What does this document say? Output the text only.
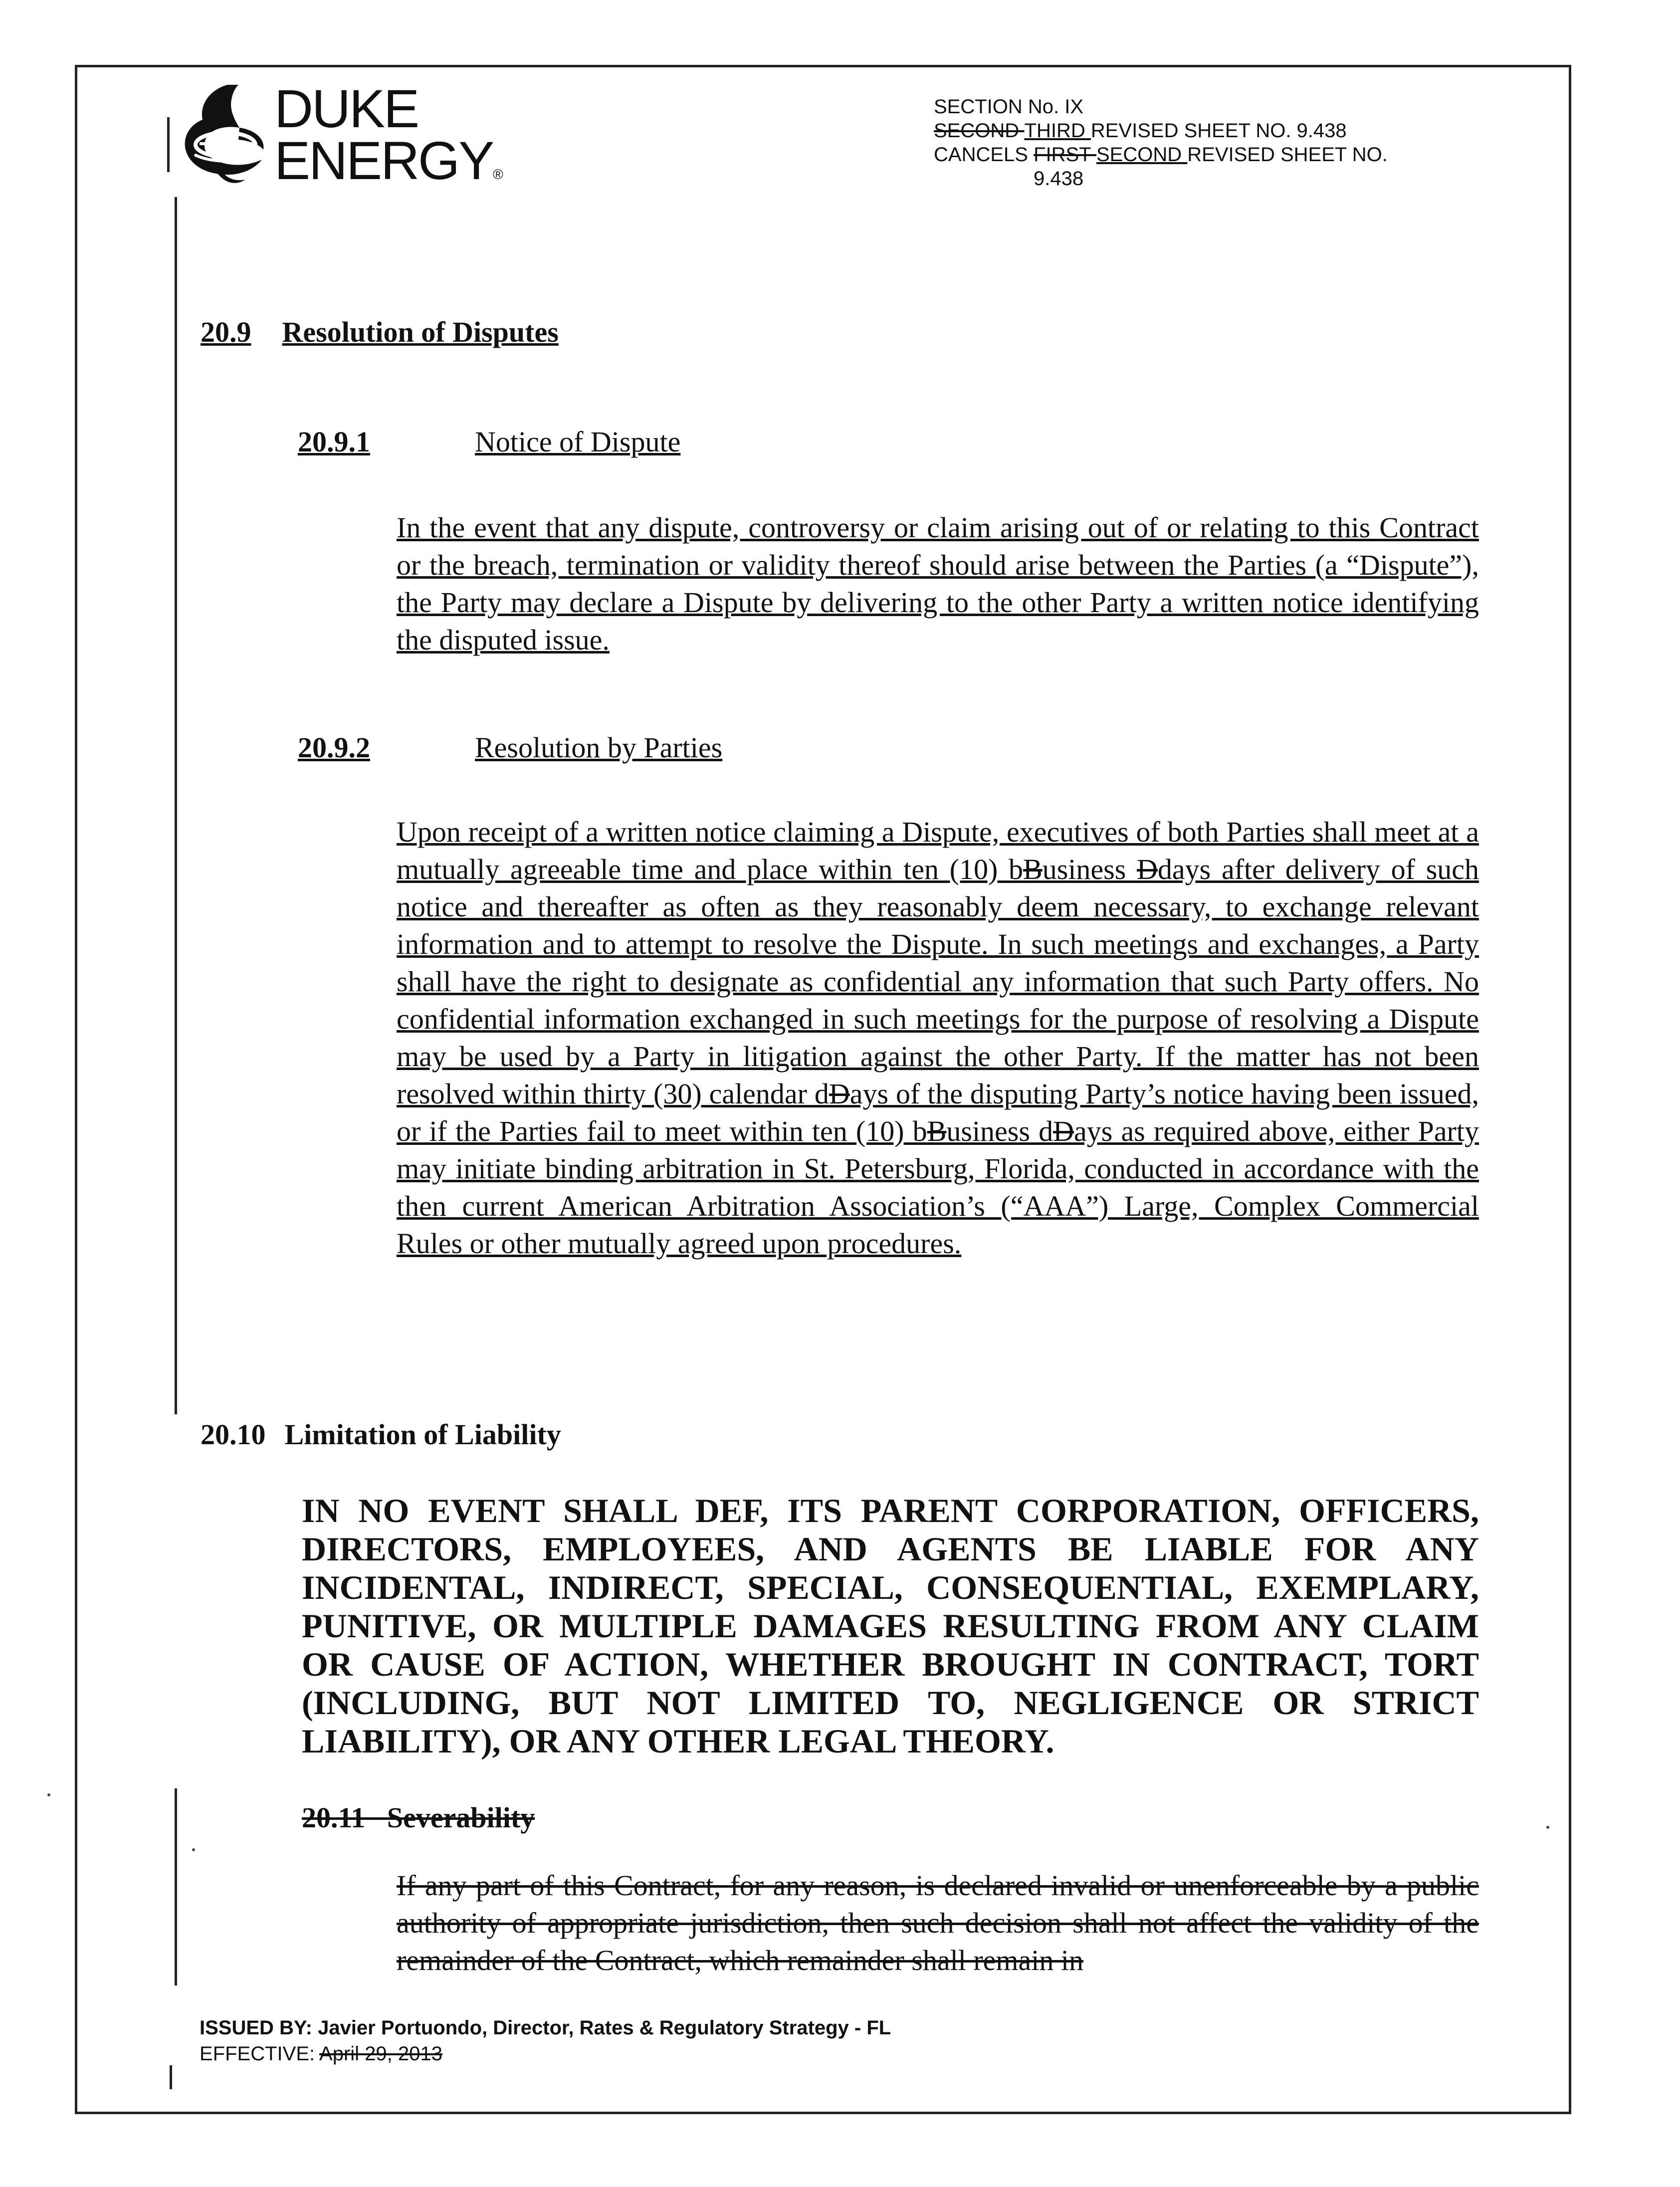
DUKE
ENERGY®
SECTION No. IX
SECOND THIRD REVISED SHEET NO. 9.438
CANCELS FIRST SECOND REVISED SHEET NO.
9.438
20.9 Resolution of Disputes
20.9.1	Notice of Dispute
In the event that any dispute, controversy or claim arising out of or relating to this Contract or the breach, termination or validity thereof should arise between the Parties (a “Dispute”), the Party may declare a Dispute by delivering to the other Party a written notice identifying the disputed issue.
20.9.2	Resolution by Parties
Upon receipt of a written notice claiming a Dispute, executives of both Parties shall meet at a mutually agreeable time and place within ten (10) bBusiness Ddays after delivery of such notice and thereafter as often as they reasonably deem necessary, to exchange relevant information and to attempt to resolve the Dispute. In such meetings and exchanges, a Party shall have the right to designate as confidential any information that such Party offers. No confidential information exchanged in such meetings for the purpose of resolving a Dispute may be used by a Party in litigation against the other Party. If the matter has not been resolved within thirty (30) calendar dDays of the disputing Party’s notice having been issued, or if the Parties fail to meet within ten (10) bBusiness dDays as required above, either Party may initiate binding arbitration in St. Petersburg, Florida, conducted in accordance with the then current American Arbitration Association’s (“AAA”) Large, Complex Commercial Rules or other mutually agreed upon procedures.
20.10 Limitation of Liability
IN NO EVENT SHALL DEF, ITS PARENT CORPORATION, OFFICERS, DIRECTORS, EMPLOYEES, AND AGENTS BE LIABLE FOR ANY INCIDENTAL, INDIRECT, SPECIAL, CONSEQUENTIAL, EXEMPLARY, PUNITIVE, OR MULTIPLE DAMAGES RESULTING FROM ANY CLAIM OR CAUSE OF ACTION, WHETHER BROUGHT IN CONTRACT, TORT (INCLUDING, BUT NOT LIMITED TO, NEGLIGENCE OR STRICT LIABILITY), OR ANY OTHER LEGAL THEORY.
20.11   Severability
If any part of this Contract, for any reason, is declared invalid or unenforceable by a public authority of appropriate jurisdiction, then such decision shall not affect the validity of the remainder of the Contract, which remainder shall remain in
ISSUED BY: Javier Portuondo, Director, Rates & Regulatory Strategy - FL
EFFECTIVE: April 29, 2013
